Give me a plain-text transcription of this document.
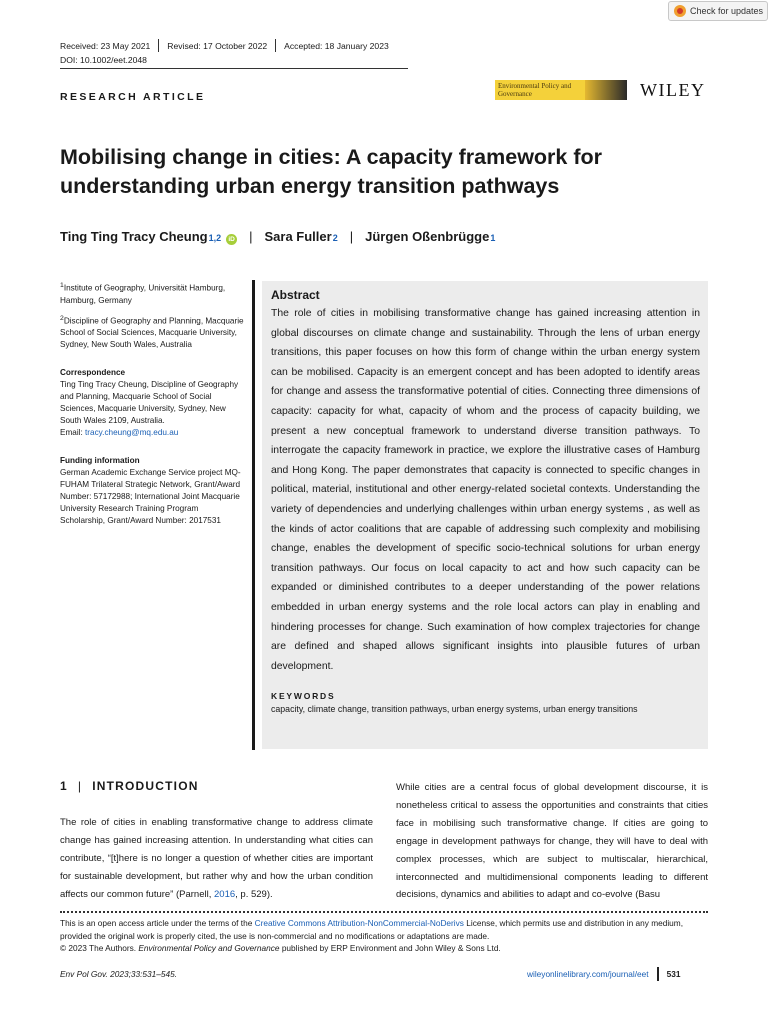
Check for updates
Received: 23 May 2021 Revised: 17 October 2022 Accepted: 18 January 2023
DOI: 10.1002/eet.2048
RESEARCH ARTICLE
Environmental Policy and Governance	WILEY
Mobilising change in cities: A capacity framework for understanding urban energy transition pathways
Ting Ting Tracy Cheung 1,2	iD | Sara Fuller 2 | Jürgen Oßenbrügge 1

$^1$Institute of Geography, Universität Hamburg, Hamburg, Germany

$^2$Discipline of Geography and Planning, Macquarie School of Social Sciences, Macquarie University, Sydney, New South Wales, Australia

Correspondence

Ting Ting Tracy Cheung, Discipline of Geography and Planning, Macquarie School of Social Sciences, Macquarie University, Sydney, New South Wales 2109, Australia.

Email: tracy.cheung@mq.edu.au

Funding information

German Academic Exchange Service project MQ-FUHAM Trilateral Strategic Network, Grant/Award Number: 57172988; International Joint Macquarie University Research Training Program Scholarship, Grant/Award Number: 2017531

Abstract
The role of cities in mobilising transformative change has gained increasing attention in global discourses on climate change and sustainability. Through the lens of urban energy transitions, this paper focuses on how this form of change within the urban energy system can be mobilised. Capacity is an emergent concept and has been adopted to identify areas for change and assess the transformative potential of cities. Connecting three dimensions of capacity: capacity for what, capacity of whom and the process of capacity building, we present a new conceptual framework to understand diverse transition pathways. To interrogate the capacity framework in practice, we explore the illustrative cases of Hamburg and Hong Kong. The paper demonstrates that capacity is connected to specific changes in political, material, institutional and other energy-related societal contexts. Understanding the variety of dependencies and underlying challenges within urban energy systems , as well as the kinds of actor coalitions that are capable of addressing such complexity and mobilising change, enables the development of specific socio-technical solutions for urban energy transition pathways. Our focus on local capacity to act and how such capacity can be expanded or diminished contributes to a deeper understanding of the power relations embedded in urban energy systems and the role local actors can play in enabling and hindering processes for change. Such examination of how complex trajectories for change are defined and shaped allows significant insights into plausible futures of urban development.
KEYWORDS
capacity, climate change, transition pathways, urban energy systems, urban energy transitions
1 | INTRODUCTION
The role of cities in enabling transformative change to address climate change has gained increasing attention. In understanding what cities can contribute, “[t]here is no longer a question of whether cities are important for sustainable development, but rather why and how the urban condition affects our common future” (Parnell, 2016, p. 529).
While cities are a central focus of global development discourse, it is nonetheless critical to assess the opportunities and constraints that cities face in mobilising such transformative change. If cities are going to engage in development pathways for change, they will have to deal with complex processes, which are subject to multiscalar, hierarchical, interconnected and multidimensional components leading to different decisions, dynamics and abilities to adapt and co-evolve (Basu
This is an open access article under the terms of the Creative Commons Attribution-NonCommercial-NoDerivs License, which permits use and distribution in any medium, provided the original work is properly cited, the use is non-commercial and no modifications or adaptations are made.
© 2023 The Authors. Environmental Policy and Governance published by ERP Environment and John Wiley & Sons Ltd.
Env Pol Gov. 2023;33:531–545.	wileyonlinelibrary.com/journal/eet 531
